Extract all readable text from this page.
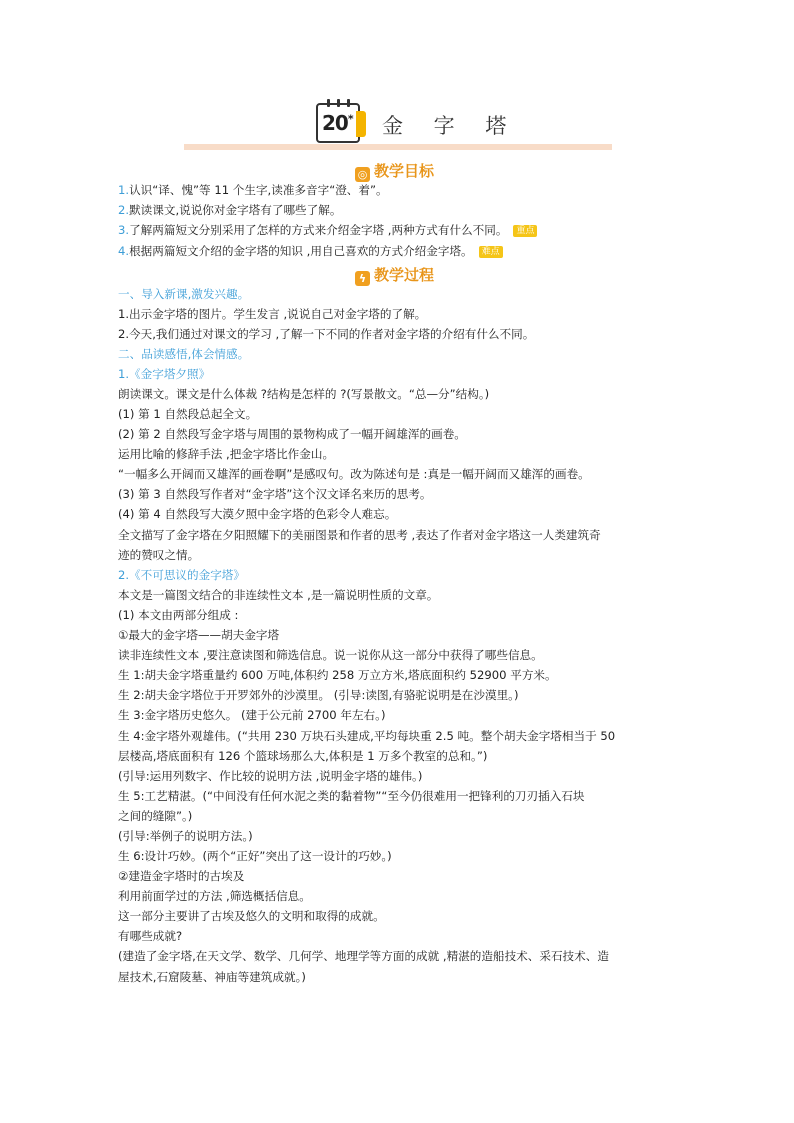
20* 金 字 塔
◎ 教学目标
1.认识“译、愧”等 11 个生字,读准多音字“澄、着”。
2.默读课文,说说你对金字塔有了哪些了解。
3.了解两篇短文分别采用了怎样的方式来介绍金字塔 ,两种方式有什么不同。 重点
4.根据两篇短文介绍的金字塔的知识 ,用自己喜欢的方式介绍金字塔。 难点
ϟ 教学过程
一、导入新课,激发兴趣。
1.出示金字塔的图片。学生发言 ,说说自己对金字塔的了解。
2.今天,我们通过对课文的学习 ,了解一下不同的作者对金字塔的介绍有什么不同。
二、品读感悟,体会情感。
1.《金字塔夕照》
朗读课文。课文是什么体裁 ?结构是怎样的 ?(写景散文。“总—分”结构。)
(1) 第 1 自然段总起全文。
(2) 第 2 自然段写金字塔与周围的景物构成了一幅开阔雄浑的画卷。
运用比喻的修辞手法 ,把金字塔比作金山。
“一幅多么开阔而又雄浑的画卷啊”是感叹句。改为陈述句是 :真是一幅开阔而又雄浑的画卷。
(3) 第 3 自然段写作者对“金字塔”这个汉文译名来历的思考。
(4) 第 4 自然段写大漠夕照中金字塔的色彩令人难忘。
全文描写了金字塔在夕阳照耀下的美丽图景和作者的思考 ,表达了作者对金字塔这一人类建筑奇
迹的赞叹之情。
2.《不可思议的金字塔》
本文是一篇图文结合的非连续性文本 ,是一篇说明性质的文章。
(1) 本文由两部分组成 :
①最大的金字塔——胡夫金字塔
读非连续性文本 ,要注意读图和筛选信息。说一说你从这一部分中获得了哪些信息。
生 1:胡夫金字塔重量约 600 万吨,体积约 258 万立方米,塔底面积约 52900 平方米。
生 2:胡夫金字塔位于开罗郊外的沙漠里。 (引导:读图,有骆驼说明是在沙漠里。)
生 3:金字塔历史悠久。 (建于公元前 2700 年左右。)
生 4:金字塔外观雄伟。(“共用 230 万块石头建成,平均每块重 2.5 吨。整个胡夫金字塔相当于 50
层楼高,塔底面积有 126 个篮球场那么大,体积是 1 万多个教室的总和。”)
(引导:运用列数字、作比较的说明方法 ,说明金字塔的雄伟。)
生 5:工艺精湛。(“中间没有任何水泥之类的黏着物”“至今仍很难用一把锋利的刀刃插入石块
之间的缝隙”。)
(引导:举例子的说明方法。)
生 6:设计巧妙。(两个“正好”突出了这一设计的巧妙。)
②建造金字塔时的古埃及
利用前面学过的方法 ,筛选概括信息。
这一部分主要讲了古埃及悠久的文明和取得的成就。
有哪些成就?
(建造了金字塔,在天文学、数学、几何学、地理学等方面的成就 ,精湛的造船技术、采石技术、造
屋技术,石窟陵墓、神庙等建筑成就。)
